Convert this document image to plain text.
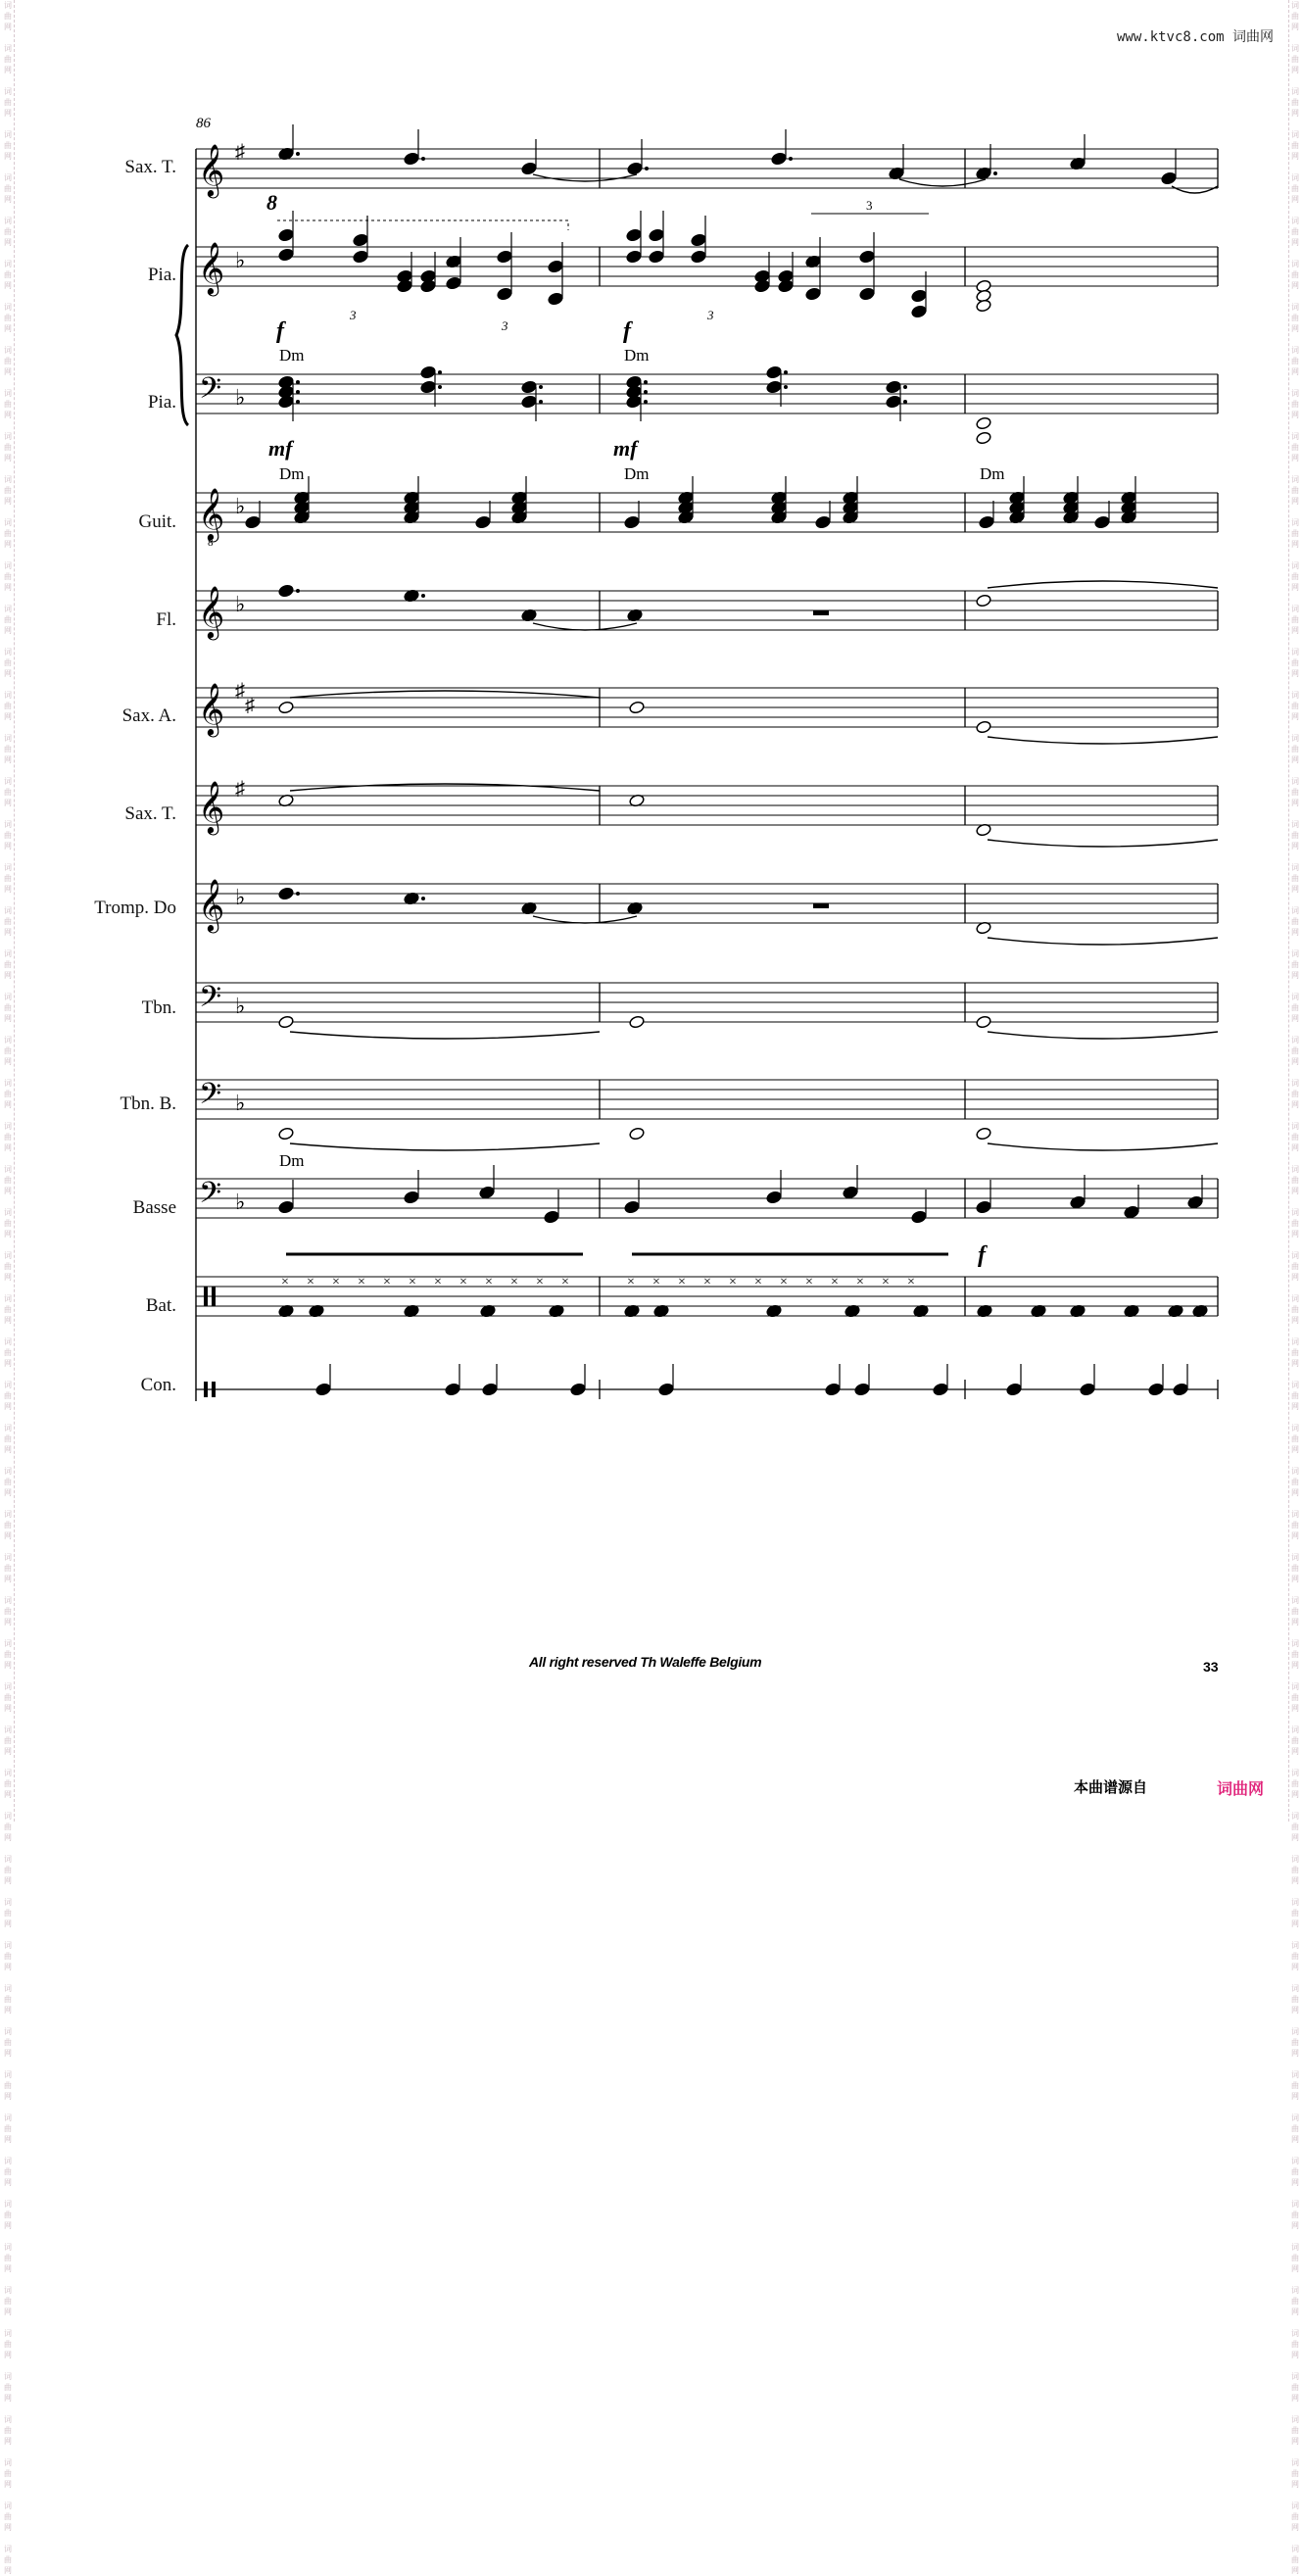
词
曲
网

词
曲
网

词
曲
网

词
曲
网

词
曲
网

词
曲
网

词
曲
网

词
曲
网

词
曲
网

词
曲
网

词
曲
网

词
曲
网

词
曲
网

词
曲
网

词
曲
网

词
曲
网

词
曲
网

词
曲
网

词
曲
网

词
曲
网

词
曲
网

词
曲
网

词
曲
网

词
曲
网

词
曲
网

词
曲
网

词
曲
网

词
曲
网

词
曲
网

词
曲
网

词
曲
网

词
曲
网

词
曲
网

词
曲
网

词
曲
网

词
曲
网

词
曲
网

词
曲
网

词
曲
网

词
曲
网

词
曲
网

词
曲
网

词
曲
网

词
曲
网

词
曲
网

词
曲
网

词
曲
网

词
曲
网

词
曲
网

词
曲
网

词
曲
网

词
曲
网

词
曲
网

词
曲
网

词
曲
网

词
曲
网

词
曲
网

词
曲
网

词
曲
网

词
曲
网

词
曲
网

词
曲
网

词
曲
网

词
曲
网

词
曲
网

词
曲
网

词
曲
网

词
曲
网

词
曲
网

词
曲
网

词
曲
网

词
曲
网

词
曲
网

词
曲
网

词
曲
网

词
曲
网

词
曲
网

词
曲
网

词
曲
网

词
曲
网

词
曲
网

词
曲
网

词
曲
网

词
曲
网

词
曲
网

词
曲
网

词
曲
网

词
曲
网

词
曲
网

词
曲
网

词
曲
网

词
曲
网

词
曲
网

词
曲
网

词
曲
网

词
曲
网

词
曲
网

词
曲
网

词
曲
网

词
曲
网

词
曲
网

词
曲
网

词
曲
网

词
曲
网

词
曲
网

词
曲
网

词
曲
网

词
曲
网

词
曲
网

词
曲
网

词
曲
网

词
曲
网

词
曲
网

词
曲
网

词
曲
网

词
曲
网

词
曲
网

词
曲
网

词
曲
网

词
曲
网

www.ktvc8.com 词曲网
86
Sax. T.
Pia.
Pia.
Guit.
Fl.
Sax. A.
Sax. T.
Tromp. Do
Tbn.
Tbn. B.
Basse
Bat.
Con.
𝄞 ♯
𝄞 ♭
𝄢 ♭
𝄞 ♭
8
𝄞 ♭
𝄞 ♯
♯
𝄞 ♯
𝄞 ♭
𝄢 ♭
𝄢 ♭
𝄢 ♭
×	×
×	×
×	×
×	×
×	×
×	×
×	×
×	×
×	×
×	×
×	×
×	×
8	3
3
3
3
f	f
Dm	Dm
mf	mf
Dm	Dm	Dm
Dm
f
All right reserved Th Waleffe Belgium	33
本曲谱源自	词曲网
